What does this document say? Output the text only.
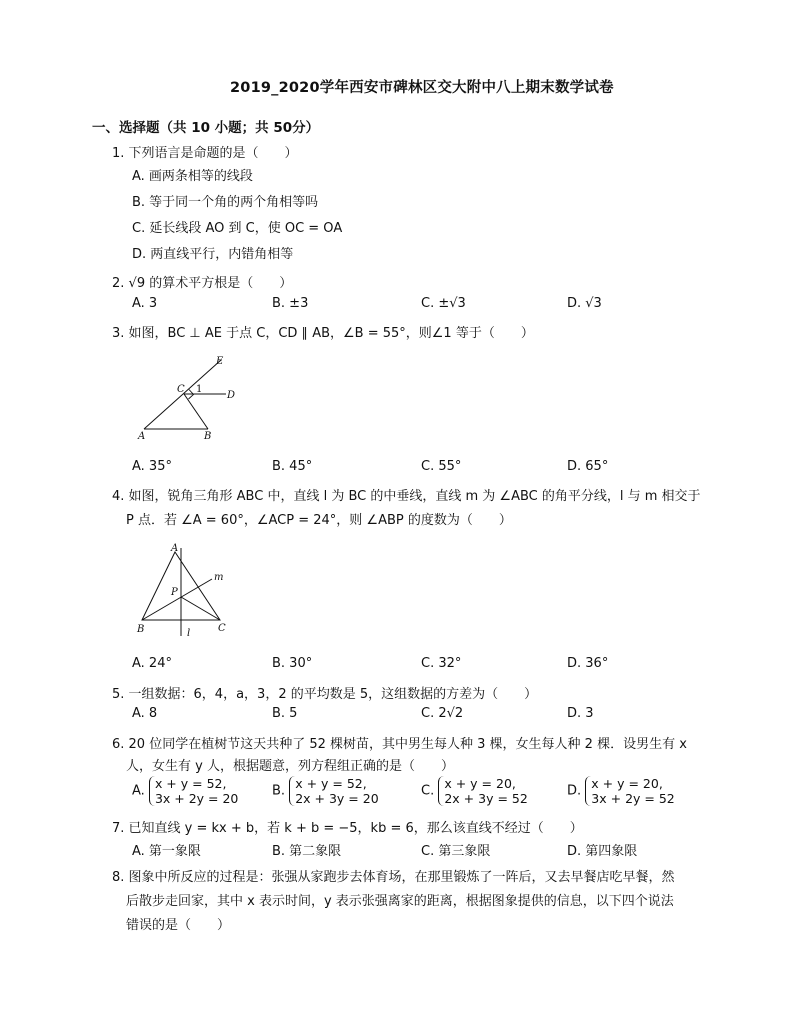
2019_2020学年西安市碑林区交大附中八上期末数学试卷
一、选择题（共 10 小题；共 50分）
1. 下列语言是命题的是（　　）
A. 画两条相等的线段
B. 等于同一个角的两个角相等吗
C. 延长线段 AO 到 C，使 OC = OA
D. 两直线平行，内错角相等
2. √9 的算术平方根是（　　）
A. 3	B. ±3	C. ±√3	D. √3
3. 如图，BC ⊥ AE 于点 C，CD ∥ AB，∠B = 55°，则∠1 等于（　　）
E
C 1
D
A	B
A. 35°	B. 45°	C. 55°	D. 65°
4. 如图，锐角三角形 ABC 中，直线 l 为 BC 的中垂线，直线 m 为 ∠ABC 的角平分线，l 与 m 相交于
P 点．若 ∠A = 60°，∠ACP = 24°，则 ∠ABP 的度数为（　　）
A
P
m
B	l	C
A. 24°	B. 30°	C. 32°	D. 36°
5. 一组数据：6，4，a，3，2 的平均数是 5，这组数据的方差为（　　）
A. 8	B. 5	C. 2√2	D. 3
6. 20 位同学在植树节这天共种了 52 棵树苗，其中男生每人种 3 棵，女生每人种 2 棵．设男生有 x
人，女生有 y 人，根据题意，列方程组正确的是（　　）
A. x + y = 52,
3x + 2y = 20	B. x + y = 52,
2x + 3y = 20	C. x + y = 20,
2x + 3y = 52	D. x + y = 20,
3x + 2y = 52
7. 已知直线 y = kx + b，若 k + b = −5，kb = 6，那么该直线不经过（　　）
A. 第一象限	B. 第二象限	C. 第三象限	D. 第四象限
8. 图象中所反应的过程是：张强从家跑步去体育场，在那里锻炼了一阵后，又去早餐店吃早餐，然
后散步走回家，其中 x 表示时间，y 表示张强离家的距离，根据图象提供的信息，以下四个说法
错误的是（　　）
